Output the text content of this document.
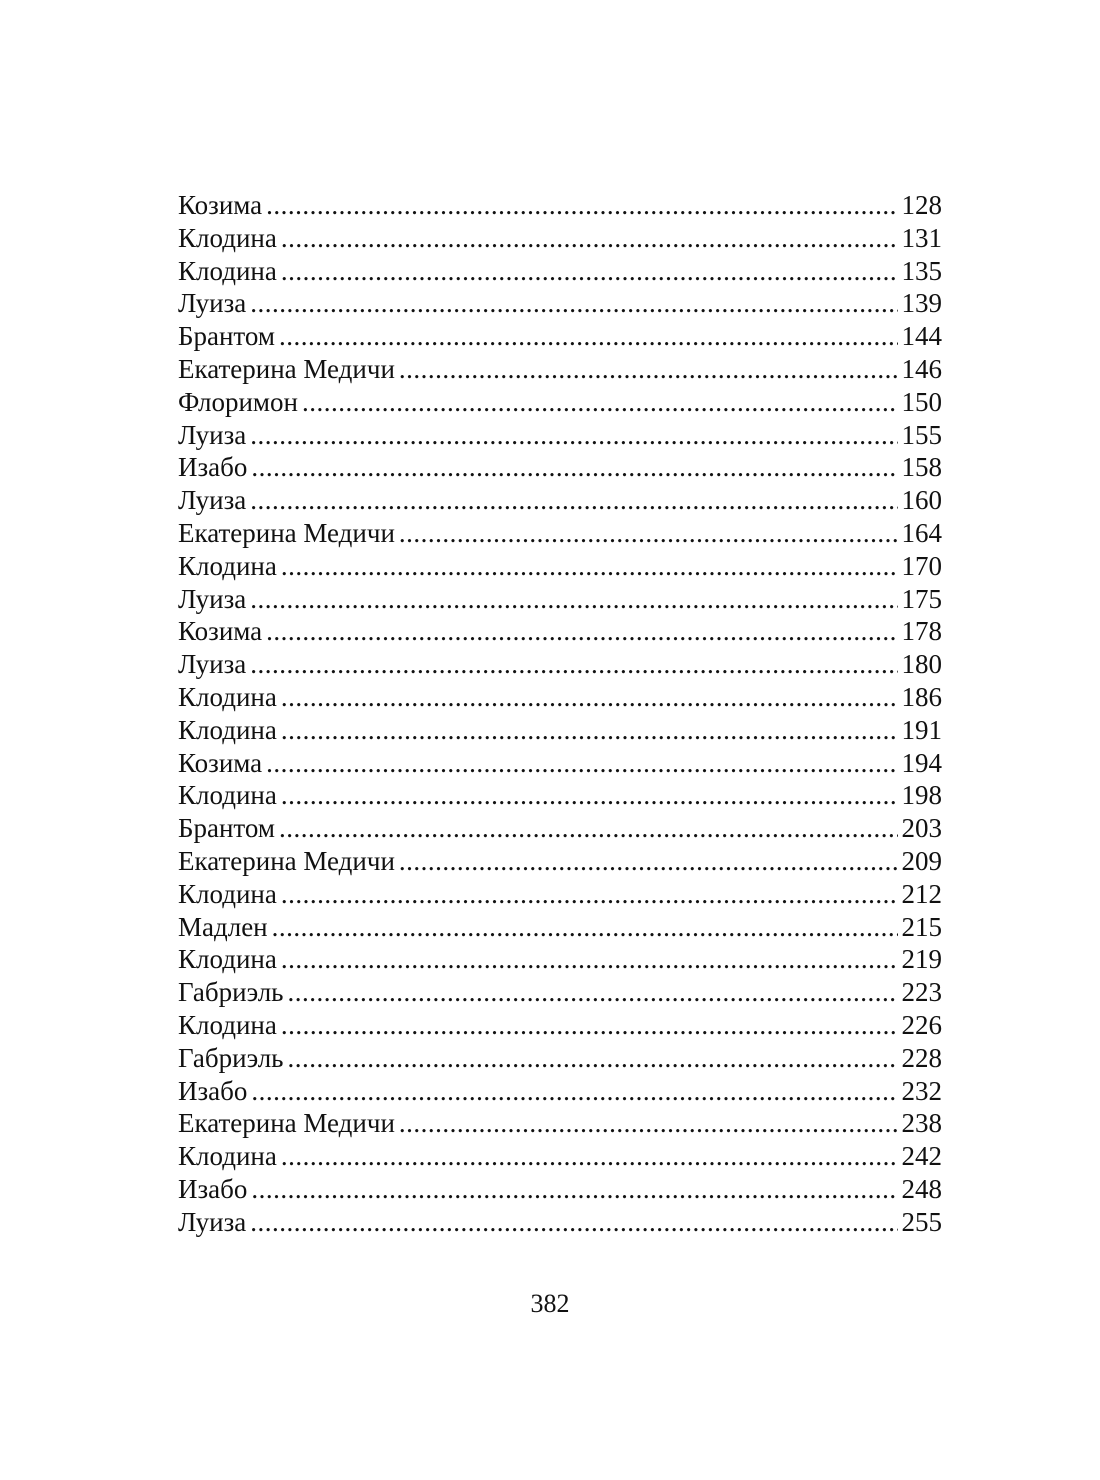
Козима .....	128
Клодина .....	131
Клодина .....	135
Луиза .....	139
Брантом .....	144
Екатерина Медичи .....	146
Флоримон .....	150
Луиза .....	155
Изабо .....	158
Луиза .....	160
Екатерина Медичи .....	164
Клодина .....	170
Луиза .....	175
Козима .....	178
Луиза .....	180
Клодина .....	186
Клодина .....	191
Козима .....	194
Клодина .....	198
Брантом .....	203
Екатерина Медичи .....	209
Клодина .....	212
Мадлен .....	215
Клодина .....	219
Габриэль .....	223
Клодина .....	226
Габриэль .....	228
Изабо .....	232
Екатерина Медичи .....	238
Клодина .....	242
Изабо .....	248
Луиза .....	255
382
